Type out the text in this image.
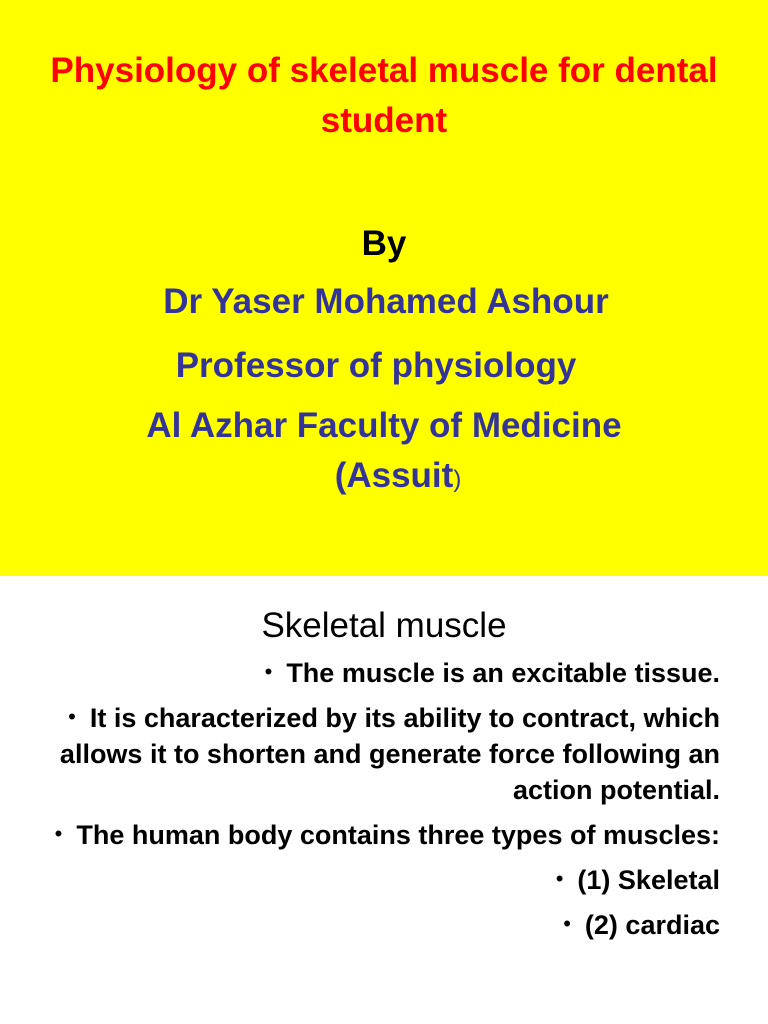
Physiology of skeletal muscle for dental student
By
Dr Yaser Mohamed Ashour
Professor of physiology
Al Azhar Faculty of Medicine
(Assuit)
Skeletal muscle
• The muscle is an excitable tissue.
• It is characterized by its ability to contract, which allows it to shorten and generate force following an action potential.
• The human body contains three types of muscles:
• (1) Skeletal
• (2) cardiac
